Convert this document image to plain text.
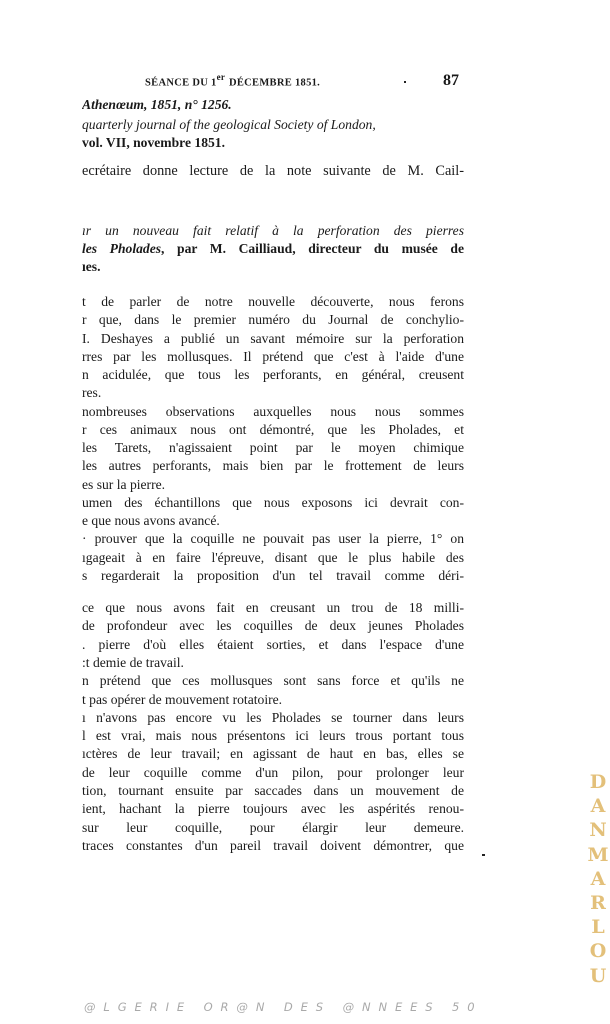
SÉANCE DU 1er DÉCEMBRE 1851.	87
Athenœum, 1851, n° 1256.
quarterly journal of the geological Society of London,
vol. VII, novembre 1851.
ecrétaire donne lecture de la note suivante de M. Cail-
ır un nouveau fait relatif à la perforation des pierres
les Pholades, par M. Cailliaud, directeur du musée de
ıes.
t de parler de notre nouvelle découverte, nous ferons
r que, dans le premier numéro du Journal de conchylio-
I. Deshayes a publié un savant mémoire sur la perforation
rres par les mollusques. Il prétend que c'est à l'aide d'une
n acidulée, que tous les perforants, en général, creusent
res.
nombreuses observations auxquelles nous nous sommes
r ces animaux nous ont démontré, que les Pholades, et
les Tarets, n'agissaient point par le moyen chimique
les autres perforants, mais bien par le frottement de leurs
es sur la pierre.
umen des échantillons que nous exposons ici devrait con-
e que nous avons avancé.
· prouver que la coquille ne pouvait pas user la pierre, 1° on
ıgageait à en faire l'épreuve, disant que le plus habile des
s regarderait la proposition d'un tel travail comme déri-
ce que nous avons fait en creusant un trou de 18 milli-
de profondeur avec les coquilles de deux jeunes Pholades
. pierre d'où elles étaient sorties, et dans l'espace d'une
:t demie de travail.
n prétend que ces mollusques sont sans force et qu'ils ne
t pas opérer de mouvement rotatoire.
ı n'avons pas encore vu les Pholades se tourner dans leurs
l est vrai, mais nous présentons ici leurs trous portant tous
ıctères de leur travail; en agissant de haut en bas, elles se
de leur coquille comme d'un pilon, pour prolonger leur
tion, tournant ensuite par saccades dans un mouvement de
ient, hachant la pierre toujours avec les aspérités renou-
sur leur coquille, pour élargir leur demeure.
traces constantes d'un pareil travail doivent démontrer, que
D
A
N
M
A
R
L
O
U
@LGERIE OR@N DES @NNEES 50
